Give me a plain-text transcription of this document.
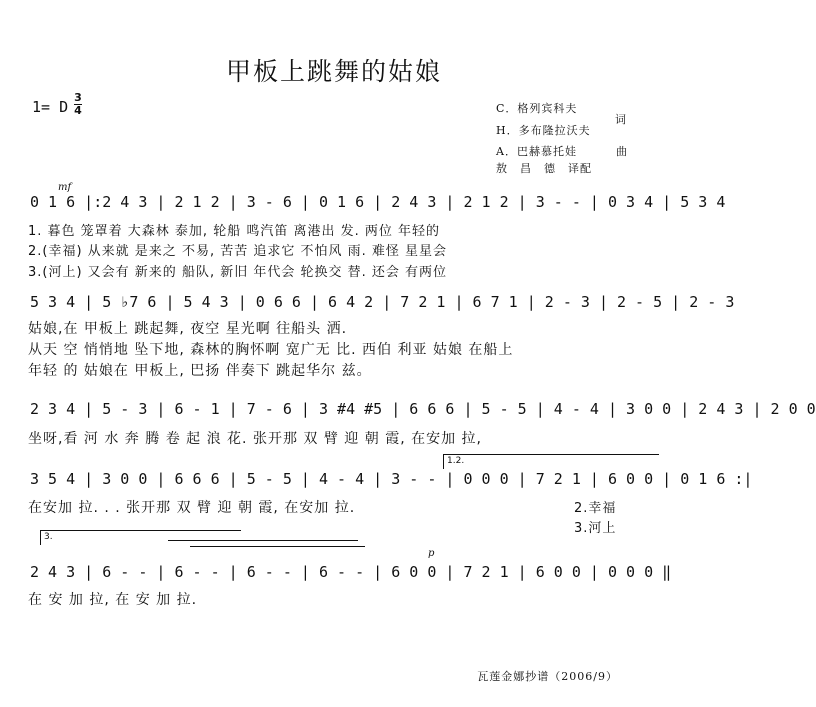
甲板上跳舞的姑娘
1= D
3
4	C．格列宾科夫
H．多布隆拉沃夫
词
A．巴赫慕托娃	曲
敖　昌　德　译配
mf
0 1 6 |:2 4 3 | 2 1 2 | 3 - 6 | 0 1 6 | 2 4 3 | 2 1 2 | 3 - - | 0 3 4 | 5 3 4
1. 暮色 笼罩着 大森林 泰加, 轮船 鸣汽笛 离港出 发. 两位 年轻的
2.(幸福) 从来就 是来之 不易, 苦苦 追求它 不怕风 雨. 难怪 星星会
3.(河上) 又会有 新来的 船队, 新旧 年代会 轮换交 替. 还会 有两位
5 3 4 | 5 ♭7 6 | 5 4 3 | 0 6 6 | 6 4 2 | 7 2 1 | 6 7 1 | 2 - 3 | 2 - 5 | 2 - 3
姑娘,在 甲板上 跳起舞, 夜空 星光啊 往船头 洒.
从天 空 悄悄地 坠下地, 森林的胸怀啊 宽广无 比. 西伯 利亚 姑娘 在船上
年轻 的 姑娘在 甲板上, 巴扬 伴奏下 跳起华尔 兹。
2 3 4 | 5 - 3 | 6 - 1 | 7 - 6 | 3 #4 #5 | 6 6 6 | 5 - 5 | 4 - 4 | 3 0 0 | 2 4 3 | 2 0 0
坐呀,看 河 水 奔 腾 卷 起 浪 花. 张开那 双 臂 迎 朝 霞, 在安加 拉,
1.2.
3 5 4 | 3 0 0 | 6 6 6 | 5 - 5 | 4 - 4 | 3 - - | 0 0 0 | 7 2 1 | 6 0 0 | 0 1 6 :|
在安加 拉. . . 张开那 双 臂 迎 朝 霞, 在安加 拉.	2.幸福
3.河上
3.
p
2 4 3 | 6 - - | 6 - - | 6 - - | 6 - - | 6 0 0 | 7 2 1 | 6 0 0 | 0 0 0 ‖
在 安 加 拉, 在 安 加 拉.
瓦莲金娜抄谱（2006/9）
